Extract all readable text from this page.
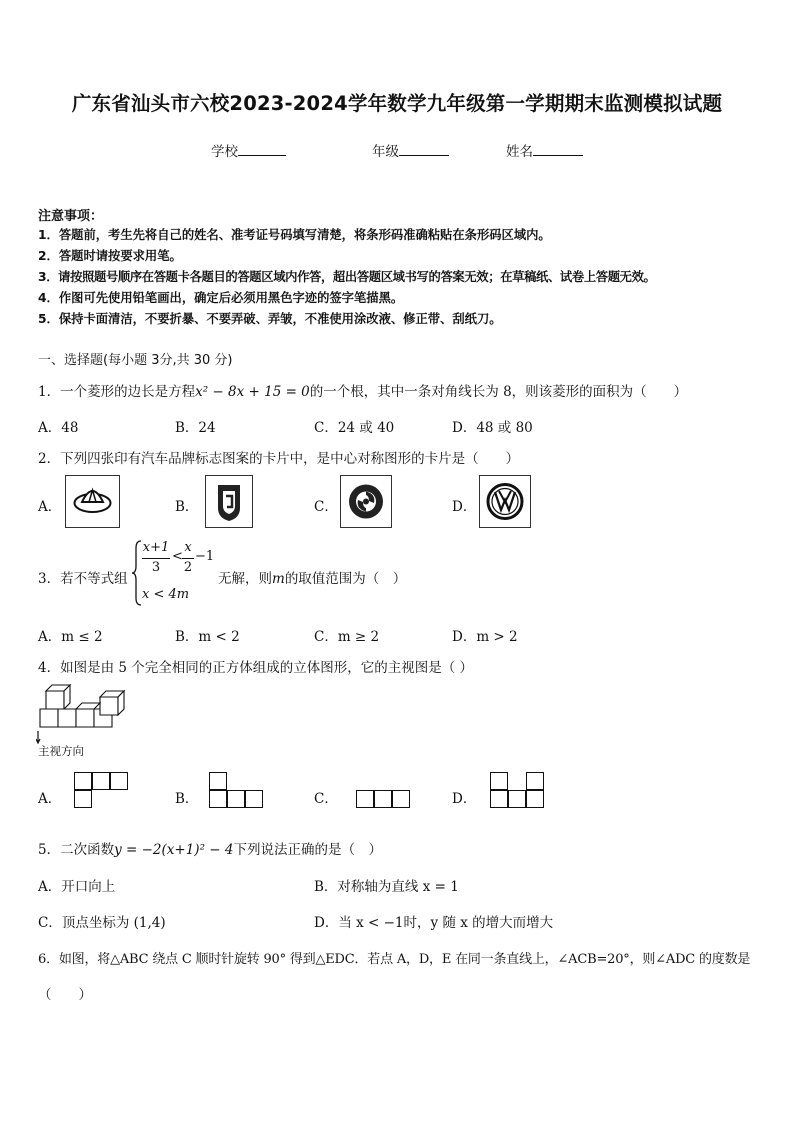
广东省汕头市六校2023-2024学年数学九年级第一学期期末监测模拟试题
学校	年级	姓名
注意事项：
1．答题前，考生先将自己的姓名、准考证号码填写清楚，将条形码准确粘贴在条形码区域内。
2．答题时请按要求用笔。
3．请按照题号顺序在答题卡各题目的答题区域内作答，超出答题区域书写的答案无效；在草稿纸、试卷上答题无效。
4．作图可先使用铅笔画出，确定后必须用黑色字迹的签字笔描黑。
5．保持卡面清洁，不要折暴、不要弄破、弄皱，不准使用涂改液、修正带、刮纸刀。
一、选择题(每小题 3分,共 30 分)
1．一个菱形的边长是方程x² − 8x + 15 = 0的一个根，其中一条对角线长为 8，则该菱形的面积为（　　）
A．48	B．24	C．24 或 40	D．48 或 80
2．下列四张印有汽车品牌标志图案的卡片中，是中心对称图形的卡片是（　　）
A．	B．	C．	D．
3．若不等式组
x+1
3
<
x
2
−1
x < 4m
无解，则m的取值范围为（　）
A．m ≤ 2	B．m < 2	C．m ≥ 2	D．m > 2
4．如图是由 5 个完全相同的正方体组成的立体图形，它的主视图是（ ）
主视方向
A．	B．	C．	D．
5．二次函数y = −2(x+1)² − 4下列说法正确的是（　）
A．开口向上	B．对称轴为直线 x = 1
C．顶点坐标为 (1,4)	D．当 x < −1时，y 随 x 的增大而增大
6．如图，将△ABC 绕点 C 顺时针旋转 90° 得到△EDC．若点 A，D，E 在同一条直线上，∠ACB=20°，则∠ADC 的度数是
（　　）
